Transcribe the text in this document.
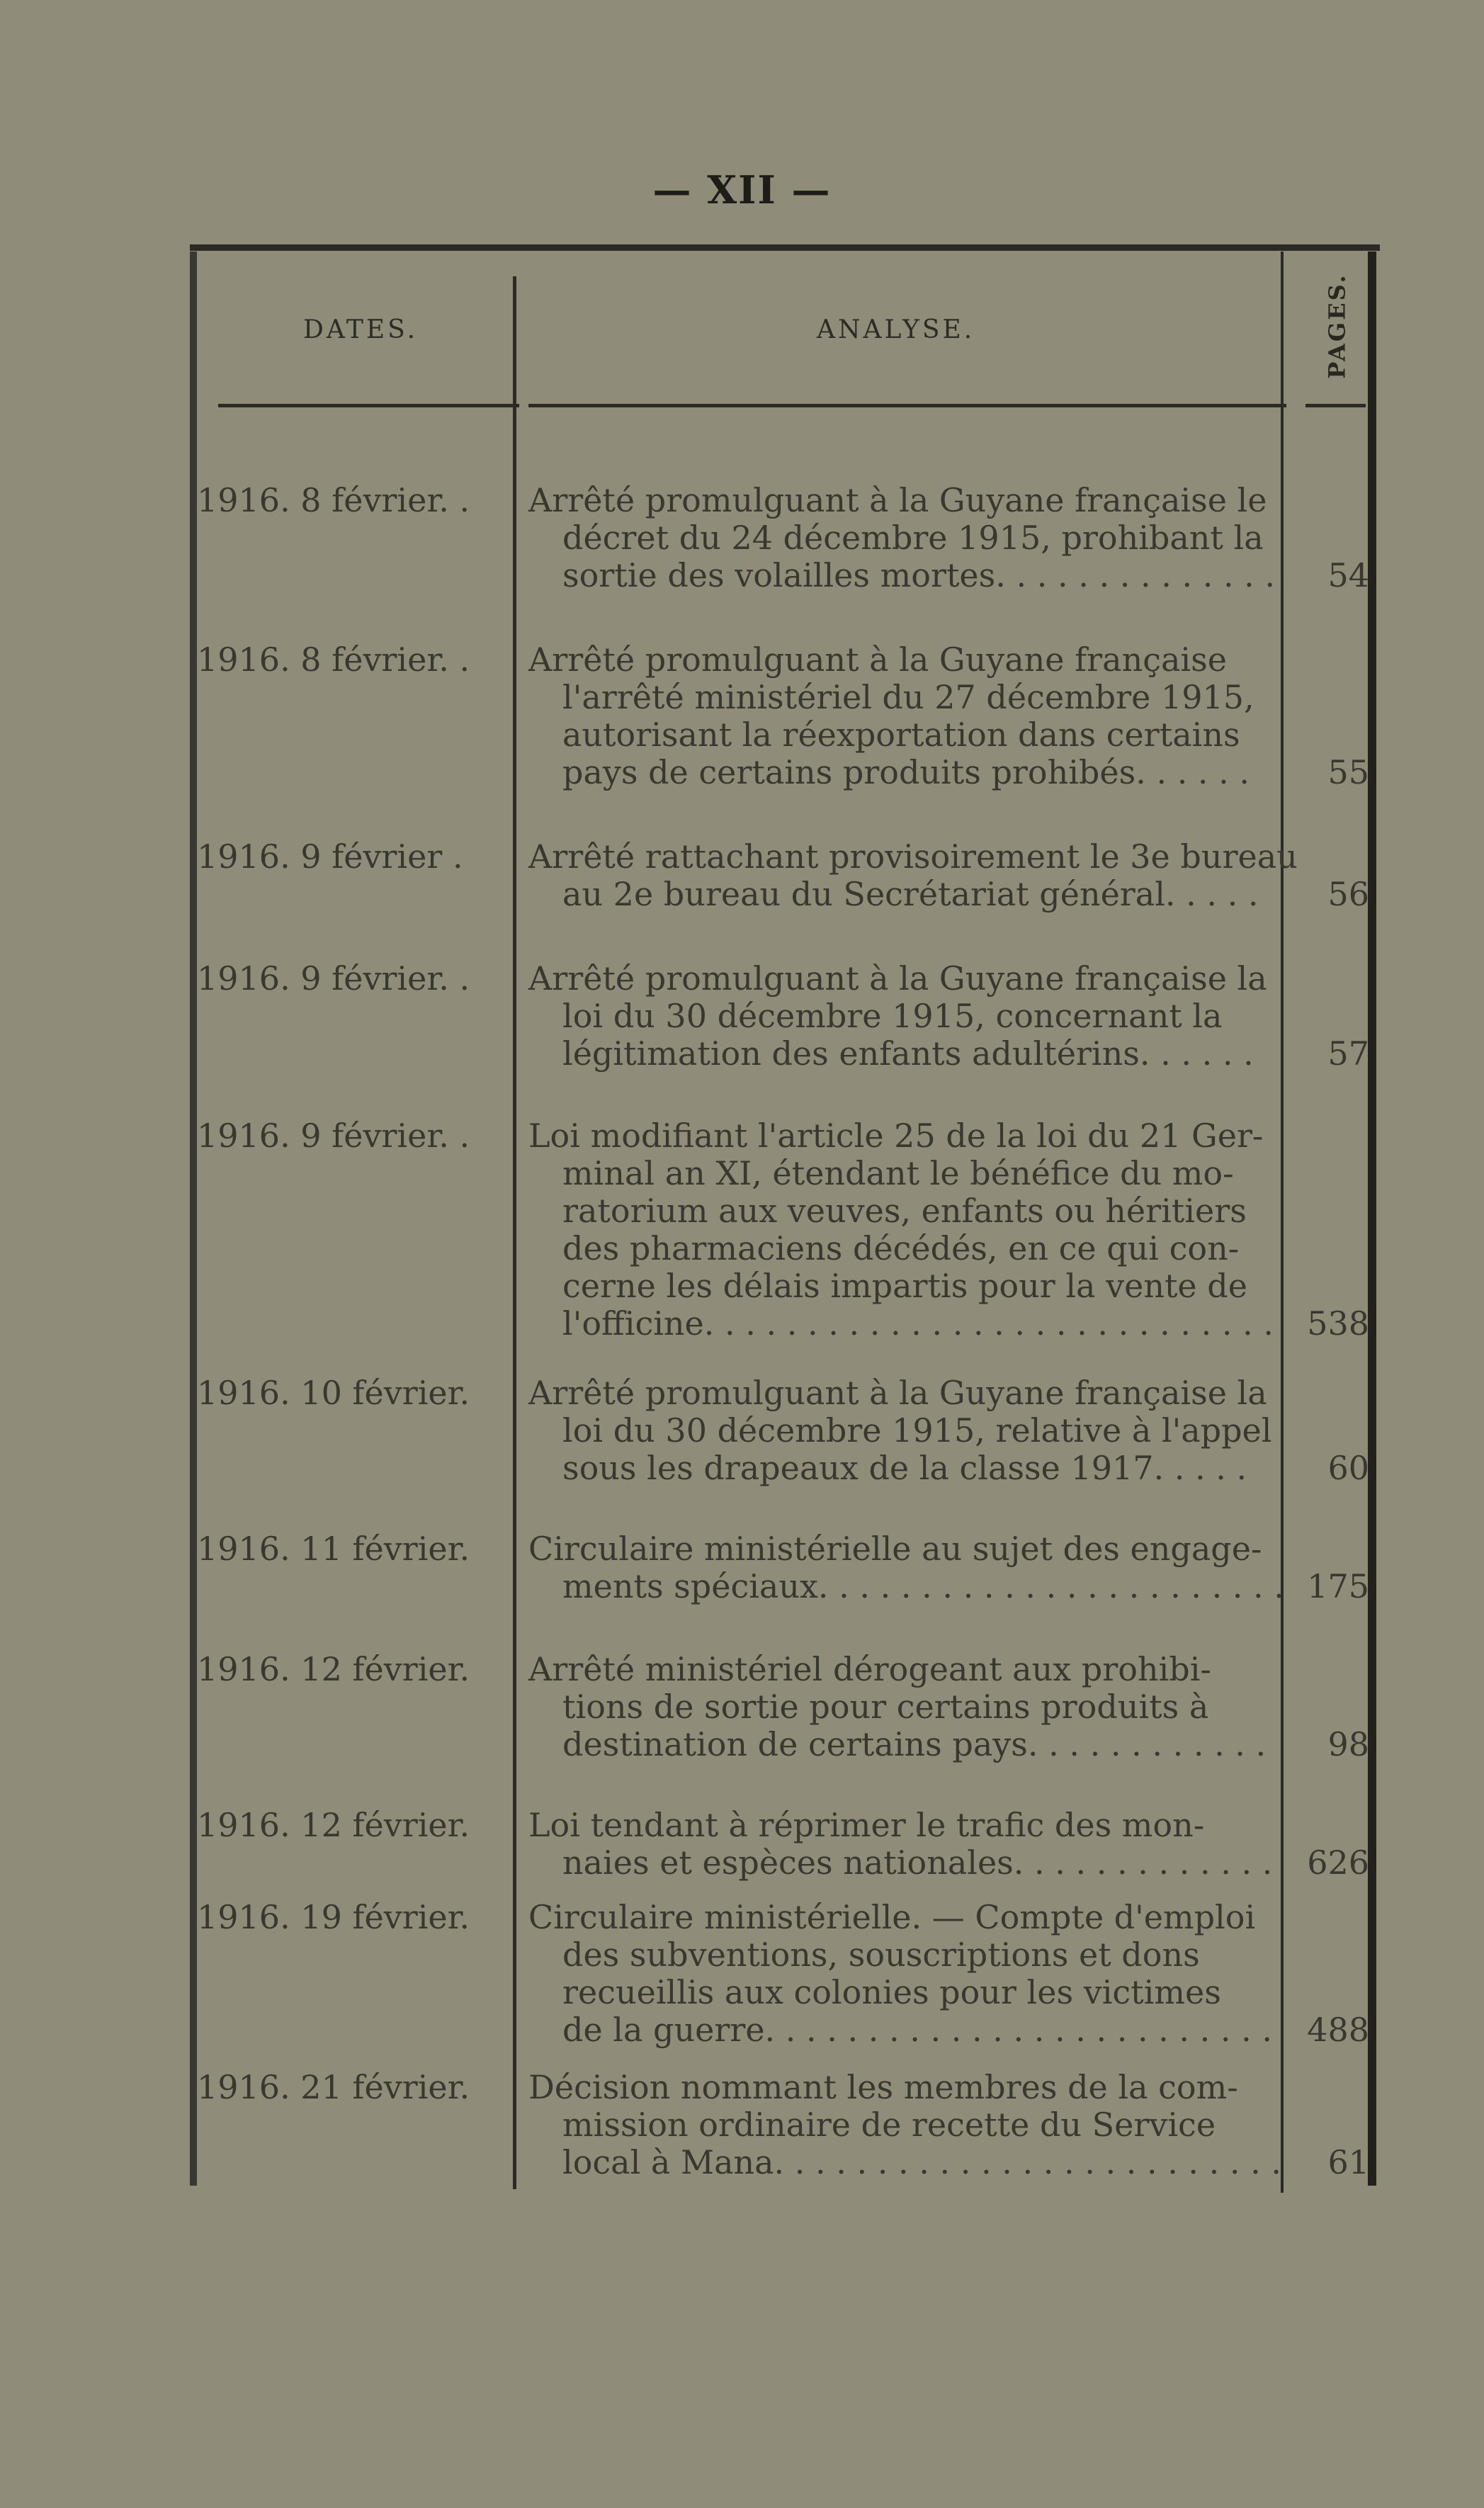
— XII —
DATES.	ANALYSE.	PAGES.
1916. 8 février. .	Arrêté promulguant à la Guyane française le
décret du 24 décembre 1915, prohibant la
sortie des volailles mortes. . . . . . . . . . . . . .	54
1916. 8 février. .	Arrêté promulguant à la Guyane française
l'arrêté ministériel du 27 décembre 1915,
autorisant la réexportation dans certains
pays de certains produits prohibés. . . . . .	55
1916. 9 février .	Arrêté rattachant provisoirement le 3e bureau
au 2e bureau du Secrétariat général. . . . .	56
1916. 9 février. .	Arrêté promulguant à la Guyane française la
loi du 30 décembre 1915, concernant la
légitimation des enfants adultérins. . . . . .	57
1916. 9 février. .	Loi modifiant l'article 25 de la loi du 21 Ger-
minal an XI, étendant le bénéfice du mo-
ratorium aux veuves, enfants ou héritiers
des pharmaciens décédés, en ce qui con-
cerne les délais impartis pour la vente de
l'officine. . . . . . . . . . . . . . . . . . . . . . . . . . . .	538
1916. 10 février.	Arrêté promulguant à la Guyane française la
loi du 30 décembre 1915, relative à l'appel
sous les drapeaux de la classe 1917. . . . .	60
1916. 11 février.	Circulaire ministérielle au sujet des engage-
ments spéciaux. . . . . . . . . . . . . . . . . . . . . . . 175
1916. 12 février.	Arrêté ministériel dérogeant aux prohibi-
tions de sortie pour certains produits à
destination de certains pays. . . . . . . . . . . .	98
1916. 12 février.	Loi tendant à réprimer le trafic des mon-
naies et espèces nationales. . . . . . . . . . . . .	626
1916. 19 février.	Circulaire ministérielle. — Compte d'emploi
des subventions, souscriptions et dons
recueillis aux colonies pour les victimes
de la guerre. . . . . . . . . . . . . . . . . . . . . . . . .	488
1916. 21 février.	Décision nommant les membres de la com-
mission ordinaire de recette du Service
local à Mana. . . . . . . . . . . . . . . . . . . . . . . . .	61
